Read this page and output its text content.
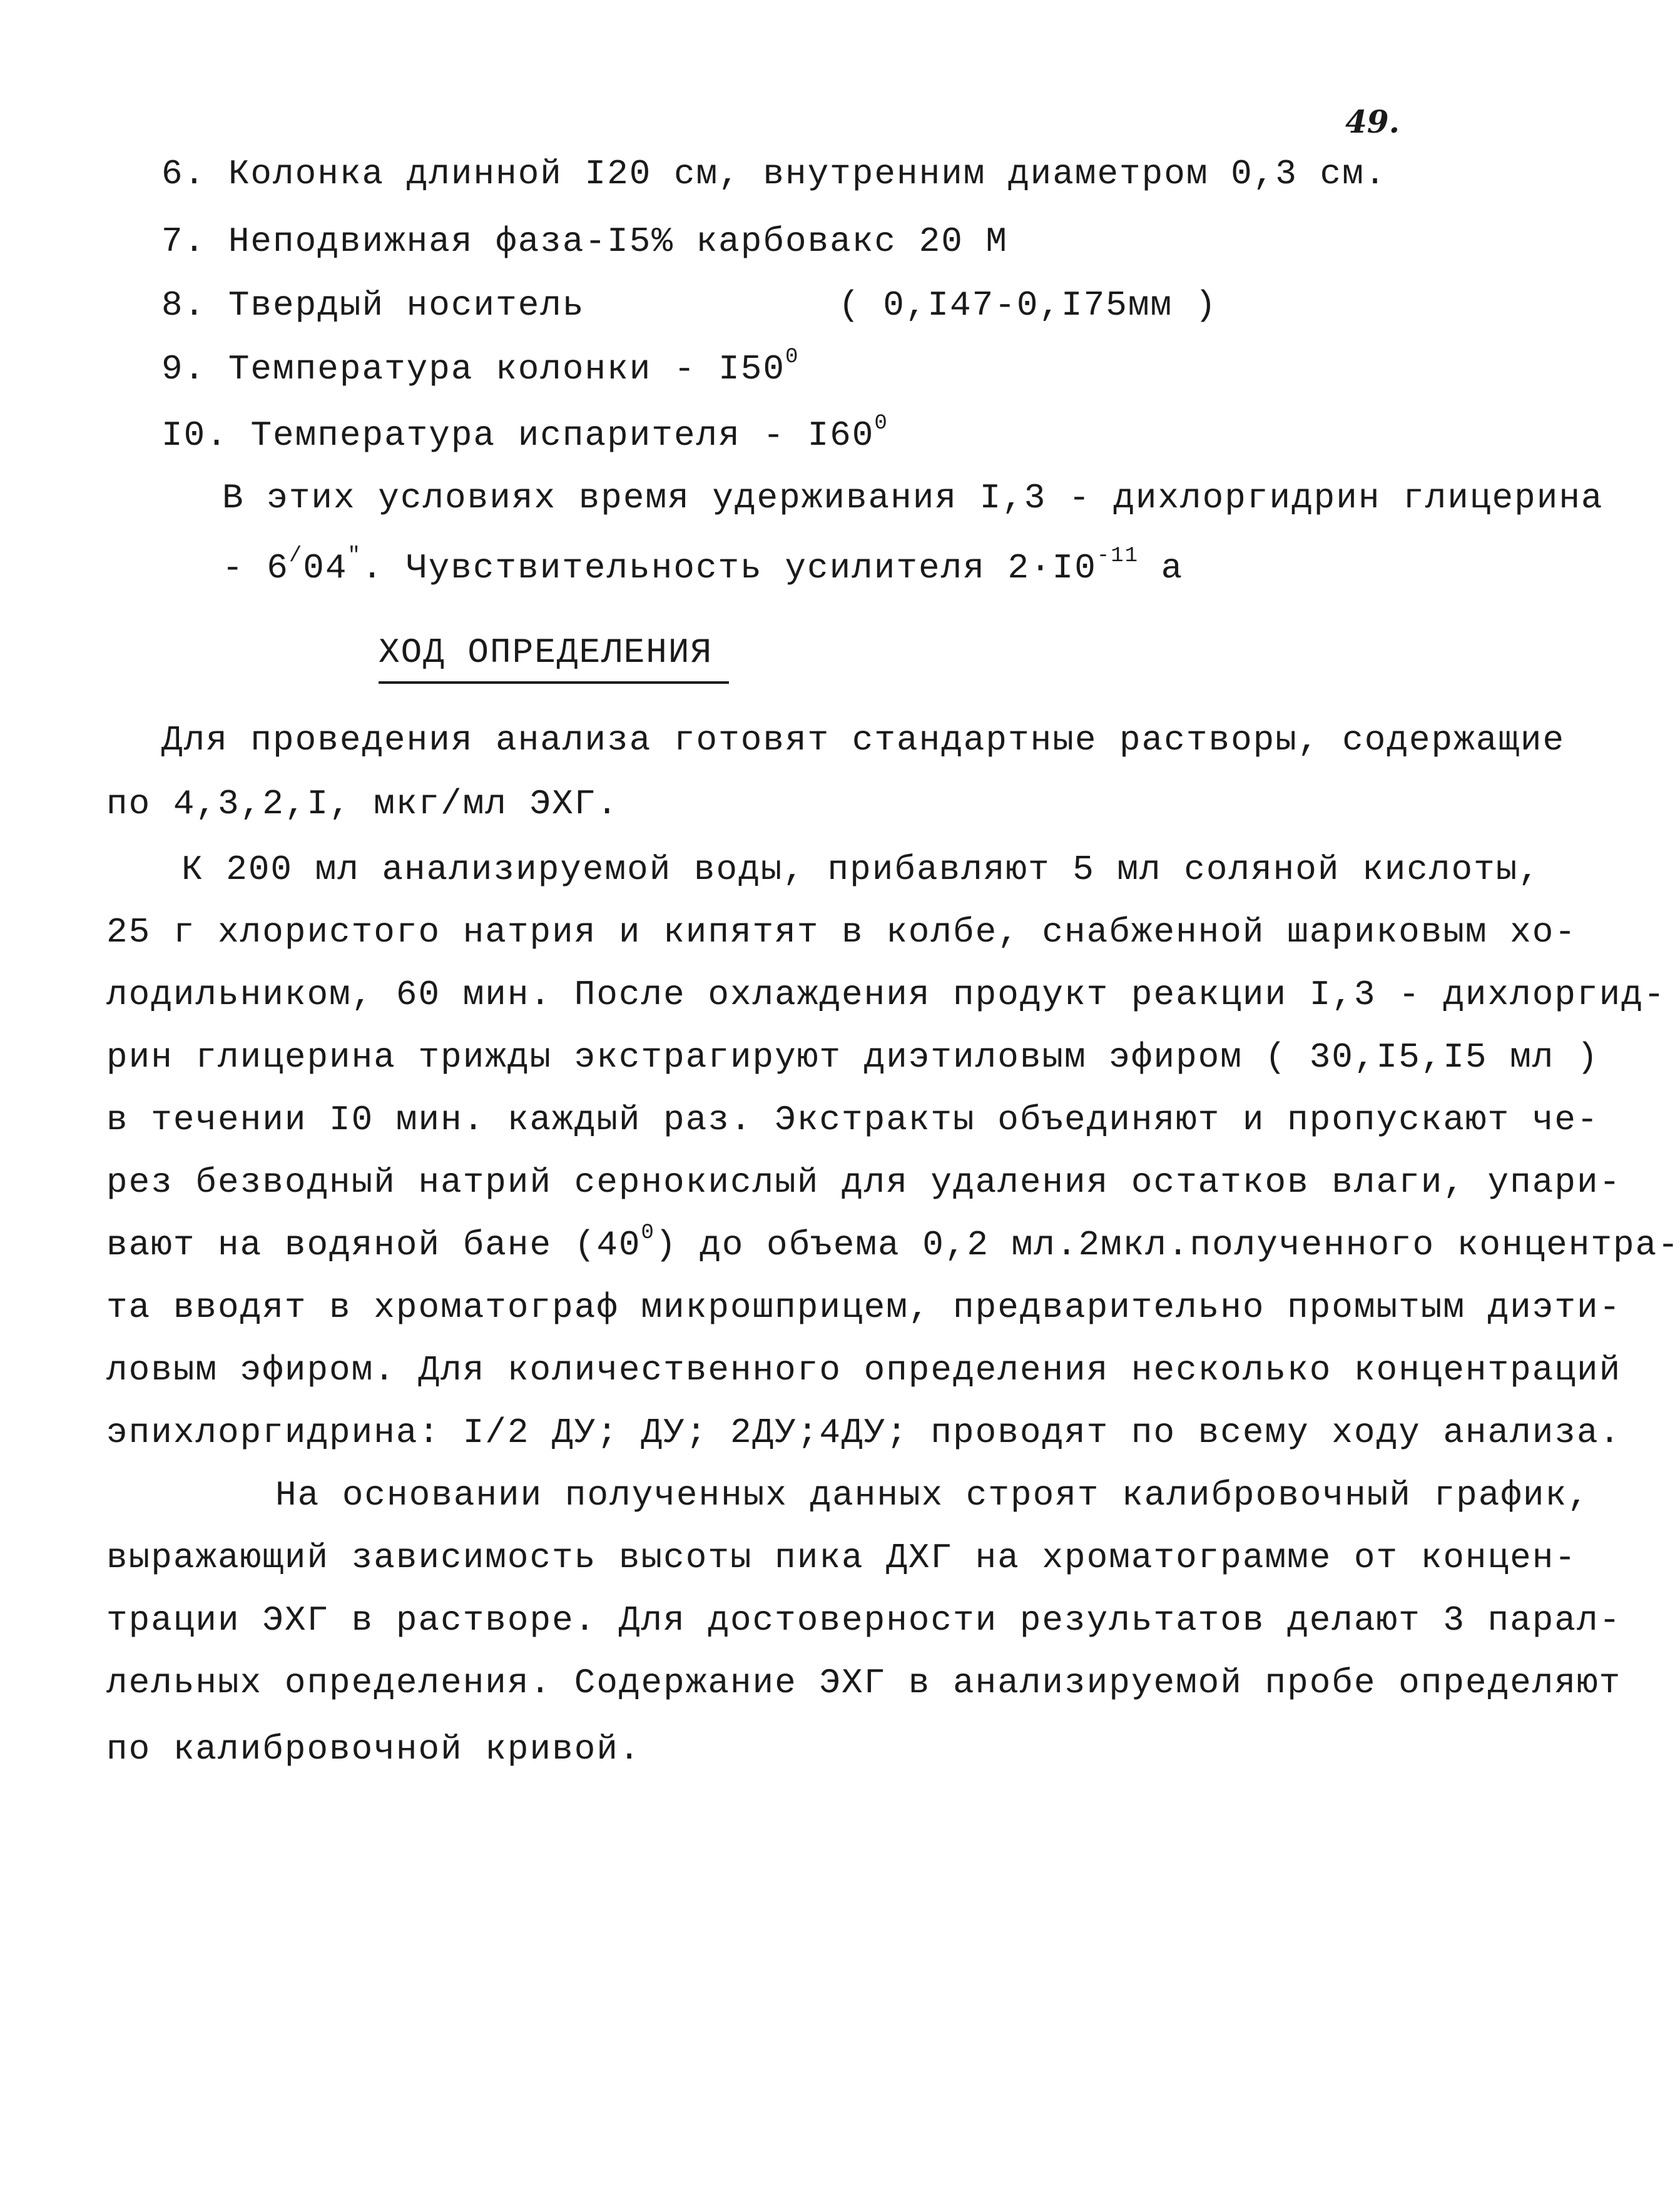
49.
6. Колонка длинной I20 см, внутренним диаметром 0,3 см.
7. Неподвижная фаза-I5% карбовакс 20 М
8. Твердый носитель	( 0,I47-0,I75мм )
9. Температура колонки - $I50^0$
I0. Температура испарителя - $I60^0$
В этих условиях время удерживания I,3 - дихлоргидрин глицерина
- 6/04". Чувствительность усилителя $2\cdot I0^{-11}$ а
ХОД ОПРЕДЕЛЕНИЯ
Для проведения анализа готовят стандартные растворы, содержащие
по 4,3,2,I, мкг/мл ЭХГ.
К 200 мл анализируемой воды, прибавляют 5 мл соляной кислоты,
25 г хлористого натрия и кипятят в колбе, снабженной шариковым хо-
лодильником, 60 мин. После охлаждения продукт реакции I,3 - дихлоргид-
рин глицерина трижды экстрагируют диэтиловым эфиром ( 30,I5,I5 мл )
в течении I0 мин. каждый раз. Экстракты объединяют и пропускают че-
рез безводный натрий сернокислый для удаления остатков влаги, упари-
вают на водяной бане $(40^0)$ до объема 0,2 мл.2мкл.полученного концентра-
та вводят в хроматограф микрошприцем, предварительно промытым диэти-
ловым эфиром. Для количественного определения несколько концентраций
эпихлоргидрина: I/2 ДУ; ДУ; 2ДУ;4ДУ; проводят по всему ходу анализа.
На основании полученных данных строят калибровочный график,
выражающий зависимость высоты пика ДХГ на хроматограмме от концен-
трации ЭХГ в растворе. Для достоверности результатов делают 3 парал-
лельных определения. Содержание ЭХГ в анализируемой пробе определяют
по калибровочной кривой.
